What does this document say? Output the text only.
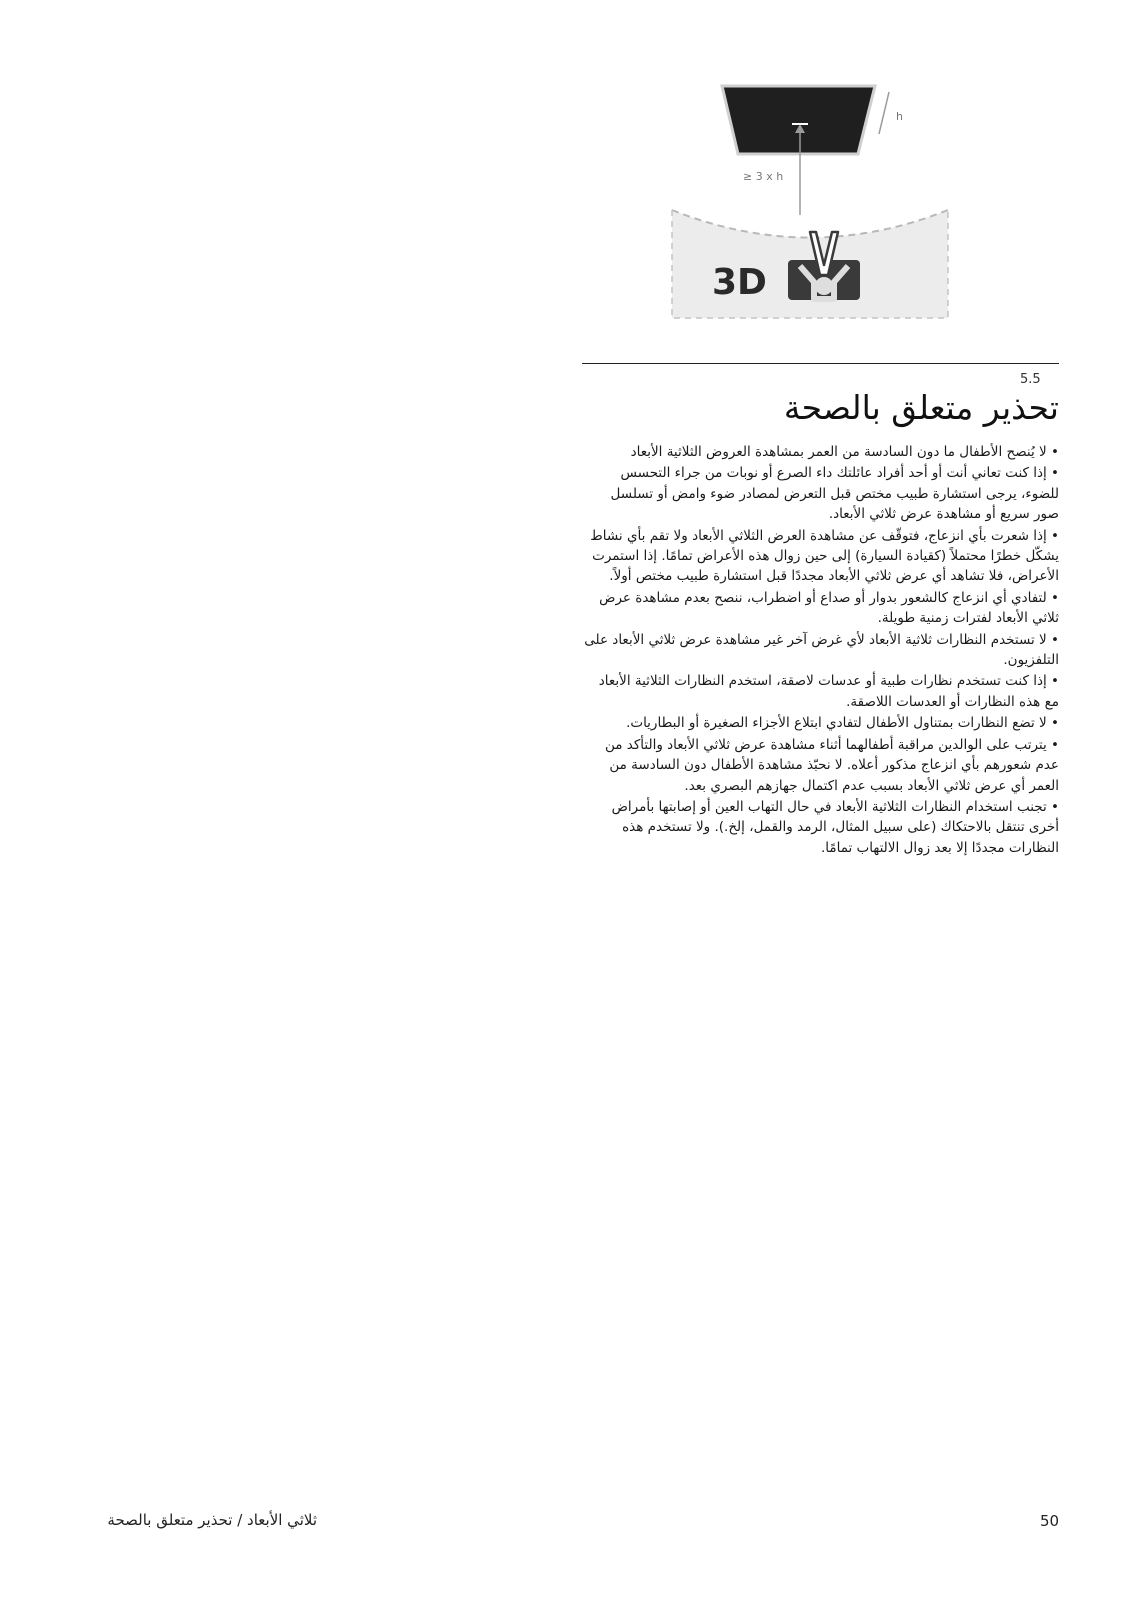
h
≥ 3 x h
3D
5.5
تحذير متعلق بالصحة
• لا يُنصح الأطفال ما دون السادسة من العمر بمشاهدة العروض الثلاثية الأبعاد
• إذا كنت تعاني أنت أو أحد أفراد عائلتك داء الصرع أو نوبات من جراء التحسس للضوء، يرجى استشارة طبيب مختص قبل التعرض لمصادر ضوء وامض أو تسلسل صور سريع أو مشاهدة عرض ثلاثي الأبعاد.
• إذا شعرت بأي انزعاج، فتوقّف عن مشاهدة العرض الثلاثي الأبعاد ولا تقم بأي نشاط يشكّل خطرًا محتملاً (كقيادة السيارة) إلى حين زوال هذه الأعراض تمامًا. إذا استمرت الأعراض، فلا تشاهد أي عرض ثلاثي الأبعاد مجددًا قبل استشارة طبيب مختص أولاً.
• لتفادي أي انزعاج كالشعور بدوار أو صداع أو اضطراب، ننصح بعدم مشاهدة عرض ثلاثي الأبعاد لفترات زمنية طويلة.
• لا تستخدم النظارات ثلاثية الأبعاد لأي غرض آخر غير مشاهدة عرض ثلاثي الأبعاد على التلفزيون.
• إذا كنت تستخدم نظارات طبية أو عدسات لاصقة، استخدم النظارات الثلاثية الأبعاد مع هذه النظارات أو العدسات اللاصقة.
• لا تضع النظارات بمتناول الأطفال لتفادي ابتلاع الأجزاء الصغيرة أو البطاريات.
• يترتب على الوالدين مراقبة أطفالهما أثناء مشاهدة عرض ثلاثي الأبعاد والتأكد من عدم شعورهم بأي انزعاج مذكور أعلاه. لا نحبّذ مشاهدة الأطفال دون السادسة من العمر أي عرض ثلاثي الأبعاد بسبب عدم اكتمال جهازهم البصري بعد.
• تجنب استخدام النظارات الثلاثية الأبعاد في حال التهاب العين أو إصابتها بأمراض أخرى تنتقل بالاحتكاك (على سبيل المثال، الرمد والقمل، إلخ.). ولا تستخدم هذه النظارات مجددًا إلا بعد زوال الالتهاب تمامًا.
50
ثلاثي الأبعاد / تحذير متعلق بالصحة
